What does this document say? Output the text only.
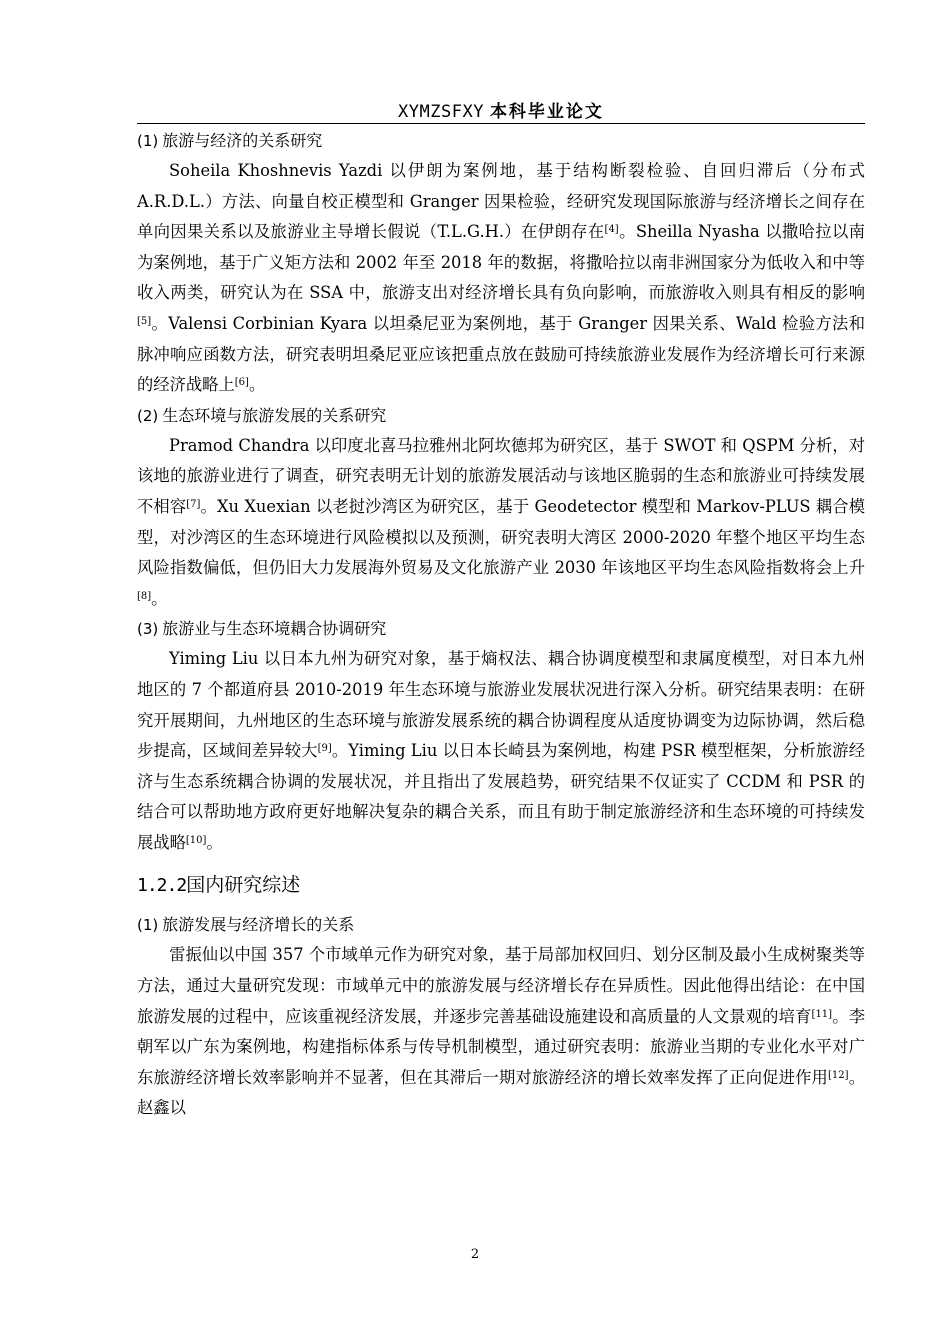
XYMZSFXY 本科毕业论文
(1) 旅游与经济的关系研究

Soheila Khoshnevis Yazdi 以伊朗为案例地，基于结构断裂检验、自回归滞后（分布式 A.R.D.L.）方法、向量自校正模型和 Granger 因果检验，经研究发现国际旅游与经济增长之间存在单向因果关系以及旅游业主导增长假说（T.L.G.H.）在伊朗存在[4]。Sheilla Nyasha 以撒哈拉以南为案例地，基于广义矩方法和 2002 年至 2018 年的数据，将撒哈拉以南非洲国家分为低收入和中等收入两类，研究认为在 SSA 中，旅游支出对经济增长具有负向影响，而旅游收入则具有相反的影响[5]。Valensi Corbinian Kyara 以坦桑尼亚为案例地，基于 Granger 因果关系、Wald 检验方法和脉冲响应函数方法，研究表明坦桑尼亚应该把重点放在鼓励可持续旅游业发展作为经济增长可行来源的经济战略上[6]。

(2) 生态环境与旅游发展的关系研究

Pramod Chandra 以印度北喜马拉雅州北阿坎德邦为研究区，基于 SWOT 和 QSPM 分析，对该地的旅游业进行了调查，研究表明无计划的旅游发展活动与该地区脆弱的生态和旅游业可持续发展不相容[7]。Xu Xuexian 以老挝沙湾区为研究区，基于 Geodetector 模型和 Markov-PLUS 耦合模型，对沙湾区的生态环境进行风险模拟以及预测，研究表明大湾区 2000-2020 年整个地区平均生态风险指数偏低，但仍旧大力发展海外贸易及文化旅游产业 2030 年该地区平均生态风险指数将会上升[8]。

(3) 旅游业与生态环境耦合协调研究

Yiming Liu 以日本九州为研究对象，基于熵权法、耦合协调度模型和隶属度模型，对日本九州地区的 7 个都道府县 2010-2019 年生态环境与旅游业发展状况进行深入分析。研究结果表明：在研究开展期间，九州地区的生态环境与旅游发展系统的耦合协调程度从适度协调变为边际协调，然后稳步提高，区域间差异较大[9]。Yiming Liu 以日本长崎县为案例地，构建 PSR 模型框架，分析旅游经济与生态系统耦合协调的发展状况，并且指出了发展趋势，研究结果不仅证实了 CCDM 和 PSR 的结合可以帮助地方政府更好地解决复杂的耦合关系，而且有助于制定旅游经济和生态环境的可持续发展战略[10]。

1.2.2国内研究综述
(1) 旅游发展与经济增长的关系

雷振仙以中国 357 个市域单元作为研究对象，基于局部加权回归、划分区制及最小生成树聚类等方法，通过大量研究发现：市域单元中的旅游发展与经济增长存在异质性。因此他得出结论：在中国旅游发展的过程中，应该重视经济发展，并逐步完善基础设施建设和高质量的人文景观的培育[11]。李朝军以广东为案例地，构建指标体系与传导机制模型，通过研究表明：旅游业当期的专业化水平对广东旅游经济增长效率影响并不显著，但在其滞后一期对旅游经济的增长效率发挥了正向促进作用[12]。赵鑫以

2
